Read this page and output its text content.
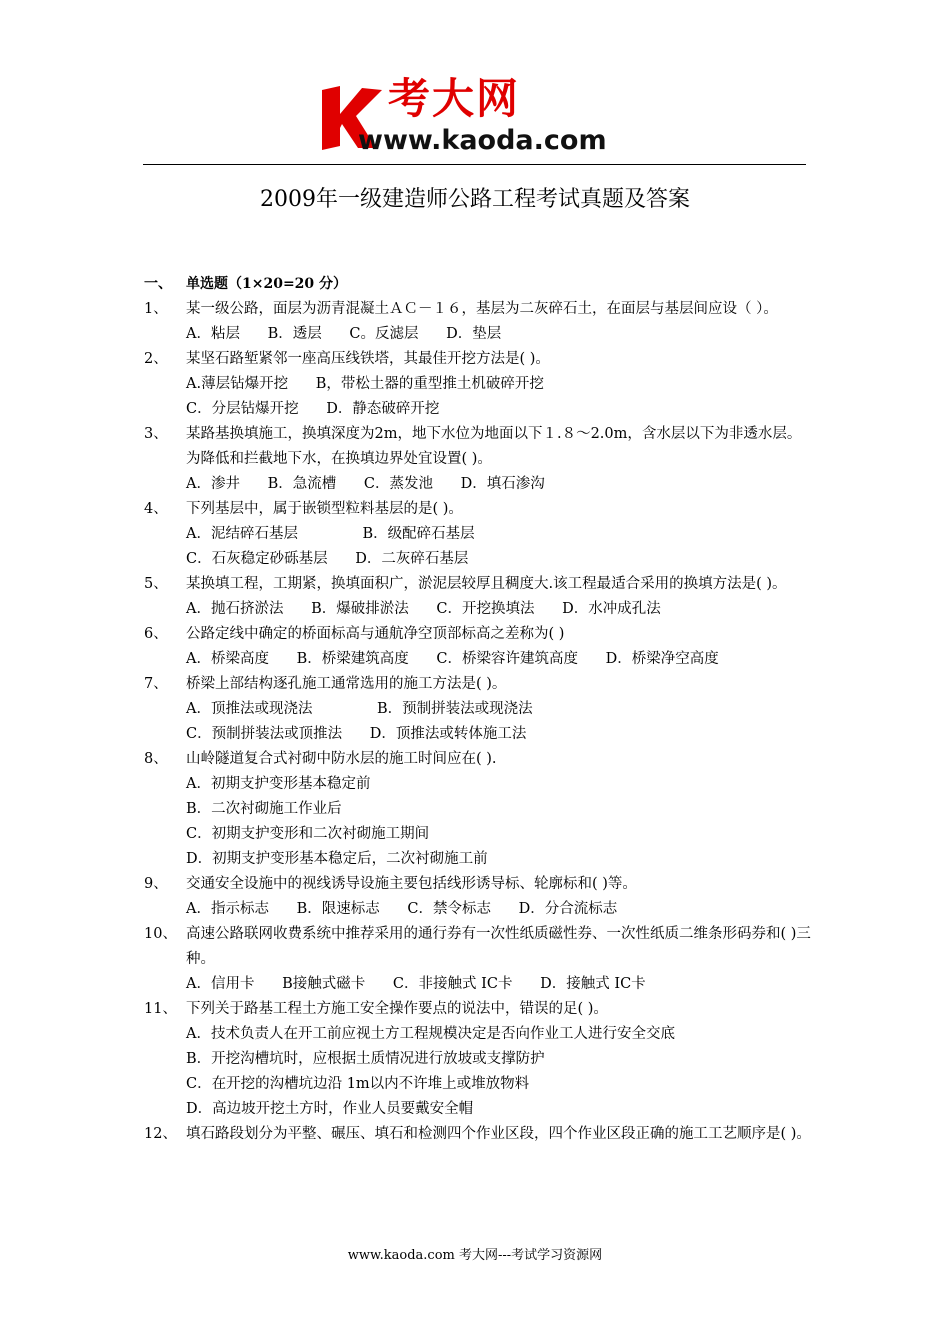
考大网
www.kaoda.com
2009年一级建造师公路工程考试真题及答案
一、 单选题（1×20=20 分）
1、 某一级公路，面层为沥青混凝土ＡＣ－１６，基层为二灰碎石土，在面层与基层间应设（ ）。
A．粘层      B．透层      C。反滤层      D．垫层
2、 某坚石路堑紧邻一座高压线铁塔，其最佳开挖方法是( )。
A.薄层钻爆开挖      B，带松土器的重型推土机破碎开挖
C．分层钻爆开挖      D．静态破碎开挖
3、 某路基换填施工，换填深度为2m，地下水位为地面以下１.８～2.0m，含水层以下为非透水层。为降低和拦截地下水，在换填边界处宜设置( )。
A．渗井      B．急流槽      C．蒸发池      D．填石渗沟
4、 下列基层中，属于嵌锁型粒料基层的是( )。
A．泥结碎石基层              B．级配碎石基层
C．石灰稳定砂砾基层      D．二灰碎石基层
5、 某换填工程，工期紧，换填面积广，淤泥层较厚且稠度大.该工程最适合采用的换填方法是( )。
A．抛石挤淤法      B．爆破排淤法      C．开挖换填法      D．水冲成孔法
6、 公路定线中确定的桥面标高与通航净空顶部标高之差称为( )
A．桥梁高度      B．桥梁建筑高度      C．桥梁容许建筑高度      D．桥梁净空高度
7、 桥梁上部结构逐孔施工通常选用的施工方法是( )。
A．顶推法或现浇法              B．预制拼装法或现浇法
C．预制拼装法或顶推法      D．顶推法或转体施工法
8、 山岭隧道复合式衬砌中防水层的施工时间应在( ).
A．初期支护变形基本稳定前
B．二次衬砌施工作业后
C．初期支护变形和二次衬砌施工期间
D．初期支护变形基本稳定后，二次衬砌施工前
9、 交通安全设施中的视线诱导设施主要包括线形诱导标、轮廓标和( )等。
A．指示标志      B．限速标志      C．禁令标志      D．分合流标志
10、 高速公路联网收费系统中推荐采用的通行券有一次性纸质磁性券、一次性纸质二维条形码券和( )三种。
A．信用卡      B接触式磁卡      C．非接触式 IC卡      D．接触式 IC卡
11、 下列关于路基工程土方施工安全操作要点的说法中，错误的足( )。
A．技术负责人在开工前应视土方工程规模决定是否向作业工人进行安全交底
B．开挖沟槽坑时，应根据土质情况进行放坡或支撑防护
C．在开挖的沟槽坑边沿 1m以内不许堆上或堆放物料
D．高边坡开挖土方时，作业人员要戴安全帽
12、 填石路段划分为平整、碾压、填石和检测四个作业区段，四个作业区段正确的施工工艺顺序是( )。
www.kaoda.com 考大网---考试学习资源网
